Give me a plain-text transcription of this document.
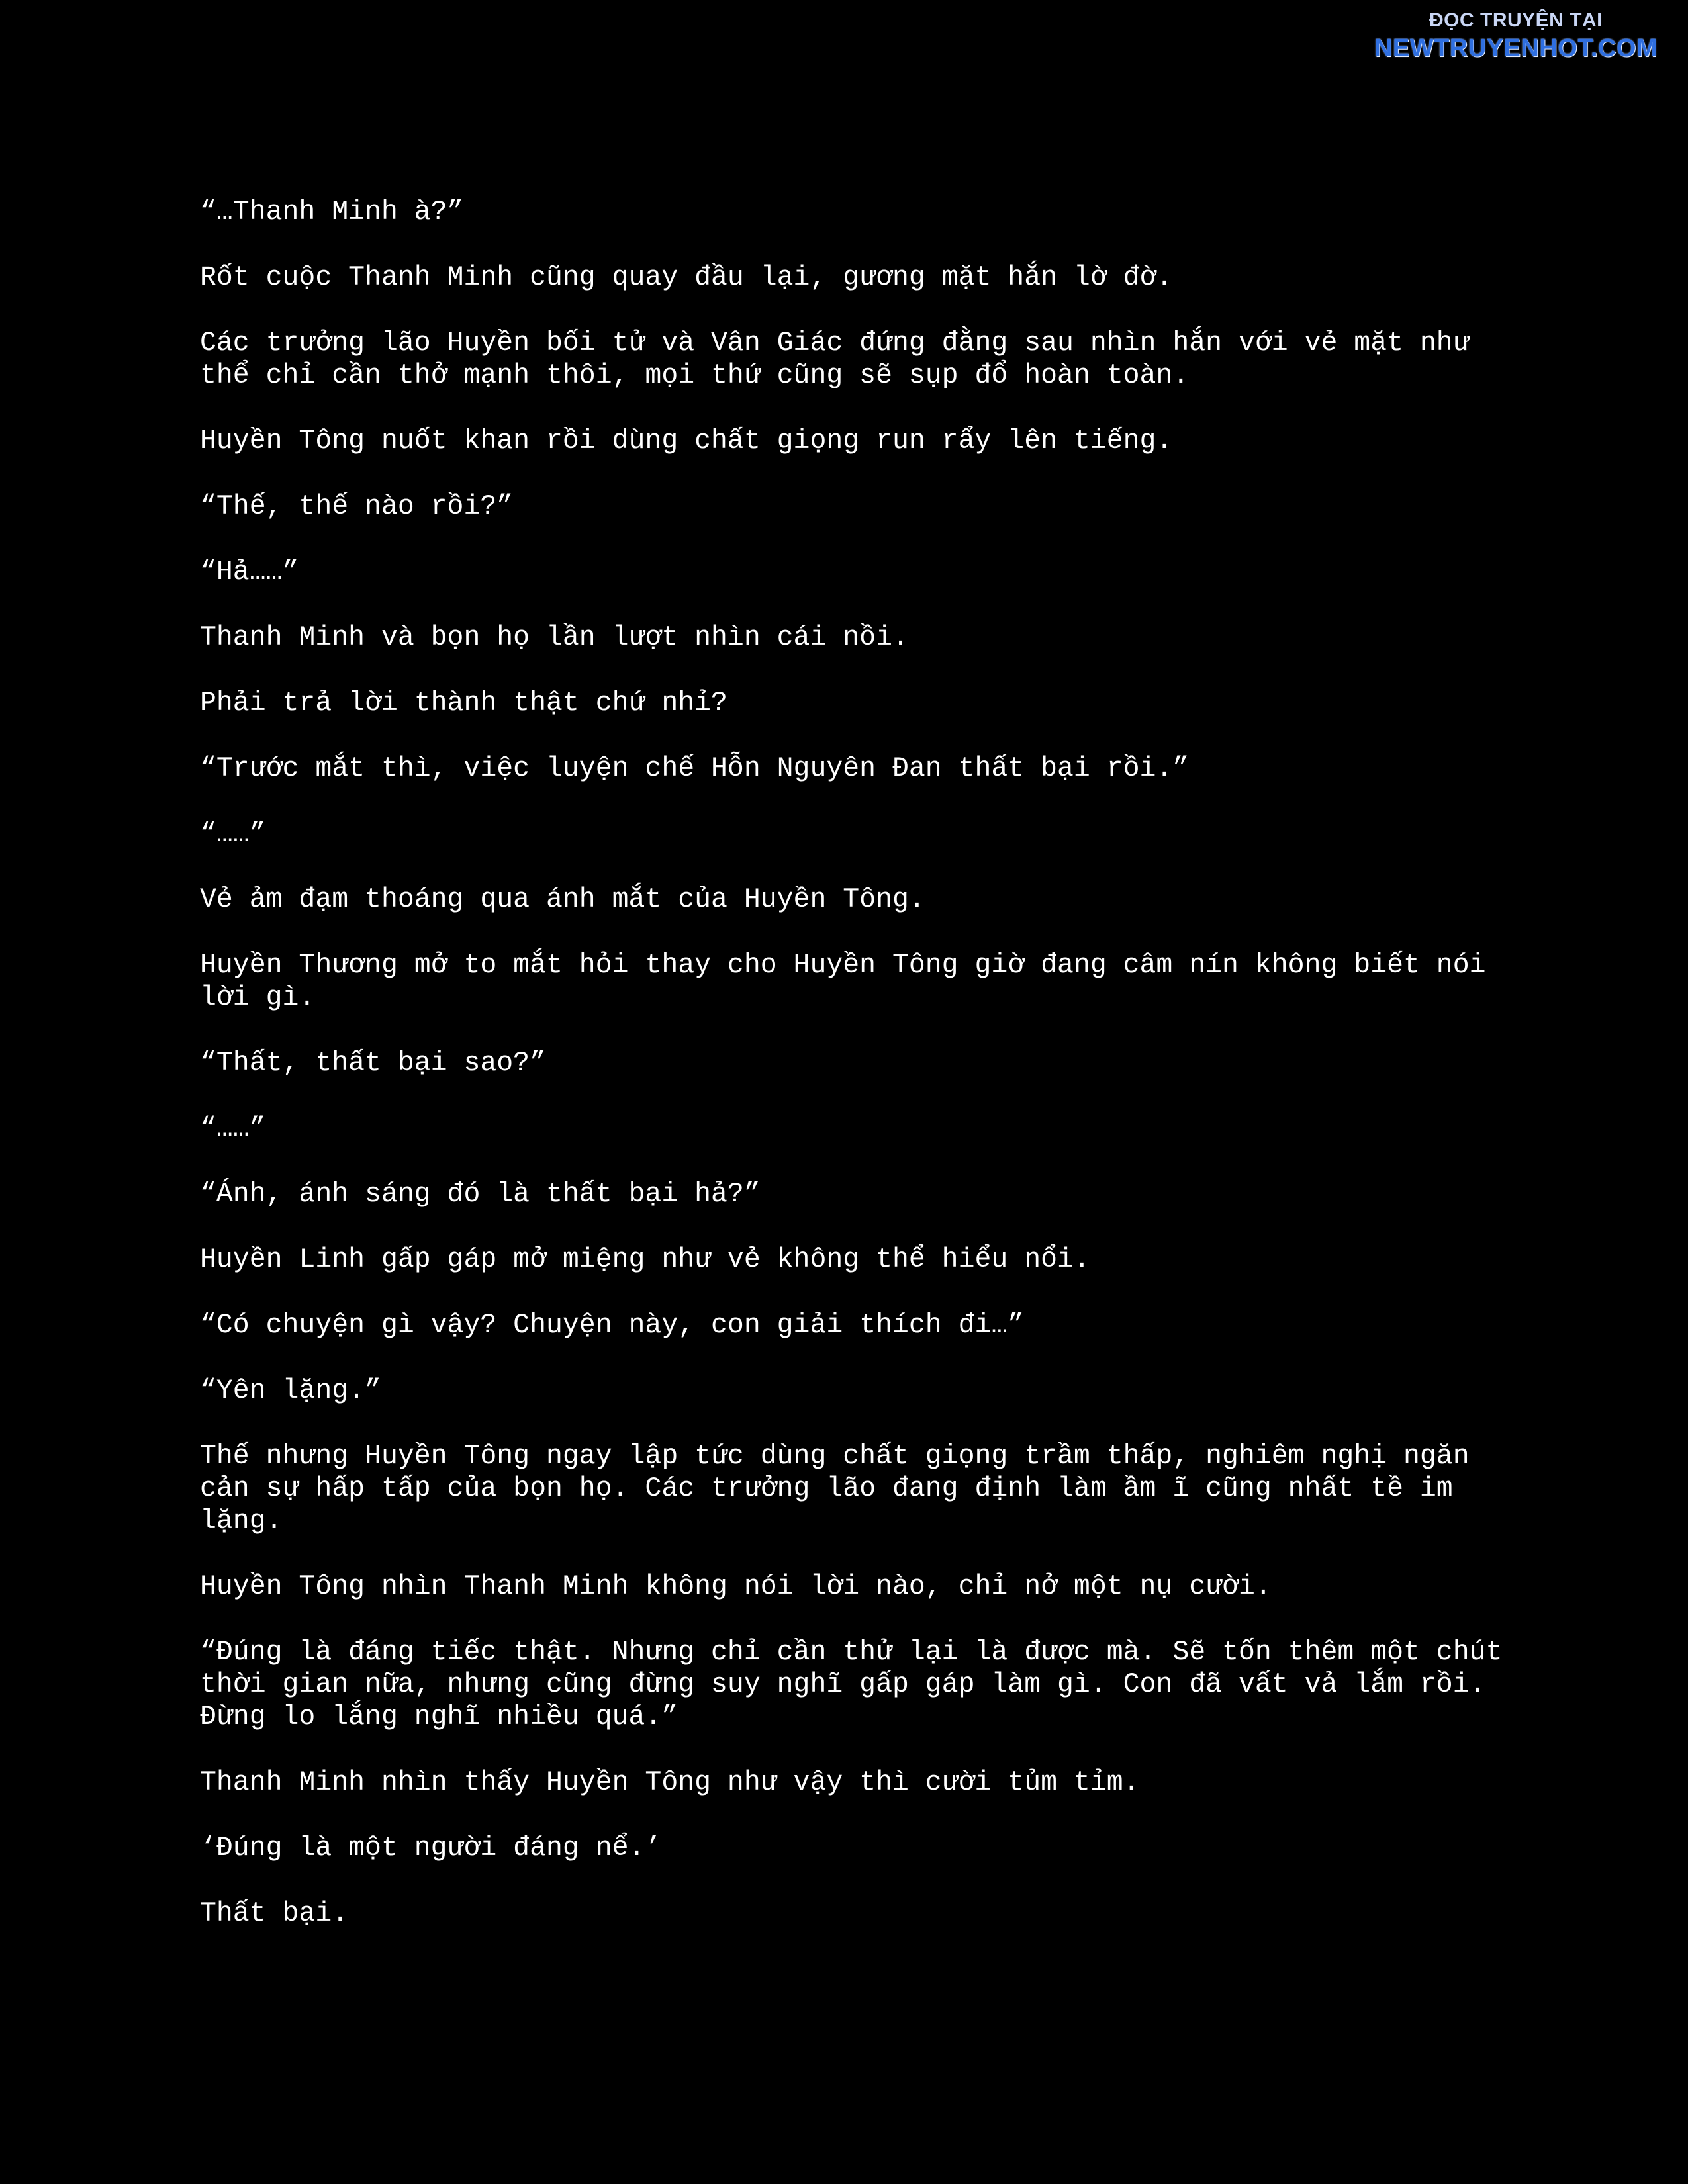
ĐỌC TRUYỆN TẠI
NEWTRUYENHOT.COM

“…Thanh Minh à?”

Rốt cuộc Thanh Minh cũng quay đầu lại, gương mặt hắn lờ đờ.

Các trưởng lão Huyền bối tử và Vân Giác đứng đằng sau nhìn hắn với vẻ mặt như thể chỉ cần thở mạnh thôi, mọi thứ cũng sẽ sụp đổ hoàn toàn.

Huyền Tông nuốt khan rồi dùng chất giọng run rẩy lên tiếng.

“Thế, thế nào rồi?”

“Hả……”

Thanh Minh và bọn họ lần lượt nhìn cái nồi.

Phải trả lời thành thật chứ nhỉ?

“Trước mắt thì, việc luyện chế Hỗn Nguyên Đan thất bại rồi.”

“……”

Vẻ ảm đạm thoáng qua ánh mắt của Huyền Tông.

Huyền Thương mở to mắt hỏi thay cho Huyền Tông giờ đang câm nín không biết nói lời gì.

“Thất, thất bại sao?”

“……”

“Ánh, ánh sáng đó là thất bại hả?”

Huyền Linh gấp gáp mở miệng như vẻ không thể hiểu nổi.

“Có chuyện gì vậy? Chuyện này, con giải thích đi…”

“Yên lặng.”

Thế nhưng Huyền Tông ngay lập tức dùng chất giọng trầm thấp, nghiêm nghị ngăn cản sự hấp tấp của bọn họ. Các trưởng lão đang định làm ầm ĩ cũng nhất tề im lặng.

Huyền Tông nhìn Thanh Minh không nói lời nào, chỉ nở một nụ cười.

“Đúng là đáng tiếc thật. Nhưng chỉ cần thử lại là được mà. Sẽ tốn thêm một chút thời gian nữa, nhưng cũng đừng suy nghĩ gấp gáp làm gì. Con đã vất vả lắm rồi. Đừng lo lắng nghĩ nhiều quá.”

Thanh Minh nhìn thấy Huyền Tông như vậy thì cười tủm tỉm.

‘Đúng là một người đáng nể.’

Thất bại.
